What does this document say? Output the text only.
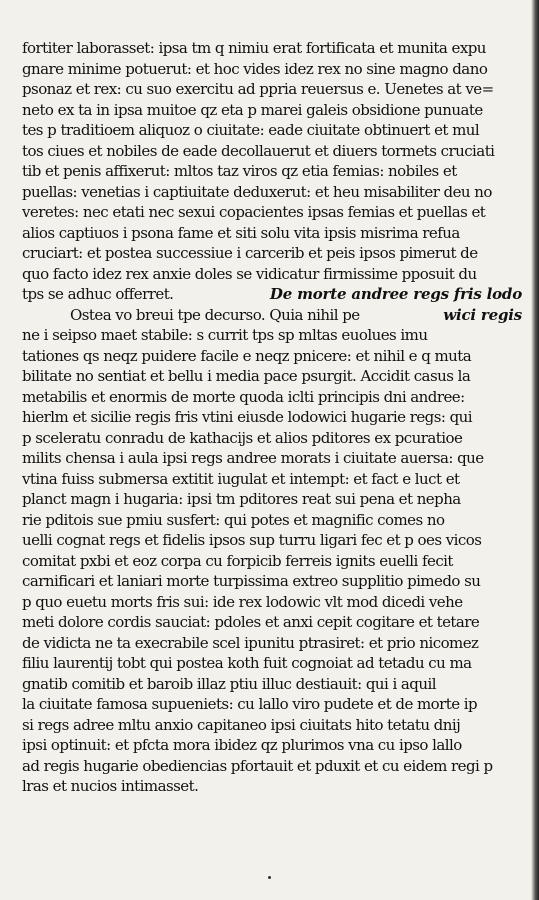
fortiter laborasset: ipsa tm q nimiu erat fortificata et munita expu
gnare minime potuerut: et hoc vides idez rex no sine magno dano
psonaz et rex: cu suo exercitu ad ppria reuersus e. Uenetes at ve=
neto ex ta in ipsa muitoe qz eta p marei galeis obsidione punuate
tes p traditioem aliquoz o ciuitate: eade ciuitate obtinuert et mul
tos ciues et nobiles de eade decollauerut et diuers tormets cruciati
tib et penis affixerut: mltos taz viros qz etia femias: nobiles et
puellas: venetias i captiuitate deduxerut: et heu misabiliter deu no
veretes: nec etati nec sexui copacientes ipsas femias et puellas et
alios captiuos i psona fame et siti solu vita ipsis misrima refua
cruciart: et postea successiue i carcerib et peis ipsos pimerut de
quo facto idez rex anxie doles se vidicatur firmissime pposuit du
tps se adhuc offerret.	De morte andree regs fris lodo
Ostea vo breui tpe decurso. Quia nihil pe	wici regis
ne i seipso maet stabile: s currit tps sp mltas euolues imu
tationes qs neqz puidere facile e neqz pnicere: et nihil e q muta
bilitate no sentiat et bellu i media pace psurgit. Accidit casus la
metabilis et enormis de morte quoda iclti principis dni andree:
hierlm et sicilie regis fris vtini eiusde lodowici hugarie regs: qui
p sceleratu conradu de kathacijs et alios pditores ex pcuratioe
milits chensa i aula ipsi regs andree morats i ciuitate auersa: que
vtina fuiss submersa extitit iugulat et intempt: et fact e luct et
planct magn i hugaria: ipsi tm pditores reat sui pena et nepha
rie pditois sue pmiu susfert: qui potes et magnific comes no
uelli cognat regs et fidelis ipsos sup turru ligari fec et p oes vicos
comitat pxbi et eoz corpa cu forpicib ferreis ignits euelli fecit
carnificari et laniari morte turpissima extreo supplitio pimedo su
p quo euetu morts fris sui: ide rex lodowic vlt mod dicedi vehe
meti dolore cordis sauciat: pdoles et anxi cepit cogitare et tetare
de vidicta ne ta execrabile scel ipunitu ptrasiret: et prio nicomez
filiu laurentij tobt qui postea koth fuit cognoiat ad tetadu cu ma
gnatib comitib et baroib illaz ptiu illuc destiauit: qui i aquil
la ciuitate famosa supueniets: cu lallo viro pudete et de morte ip
si regs adree mltu anxio capitaneo ipsi ciuitats hito tetatu dnij
ipsi optinuit: et pfcta mora ibidez qz plurimos vna cu ipso lallo
ad regis hugarie obediencias pfortauit et pduxit et cu eidem regi p
lras et nucios intimasset.
